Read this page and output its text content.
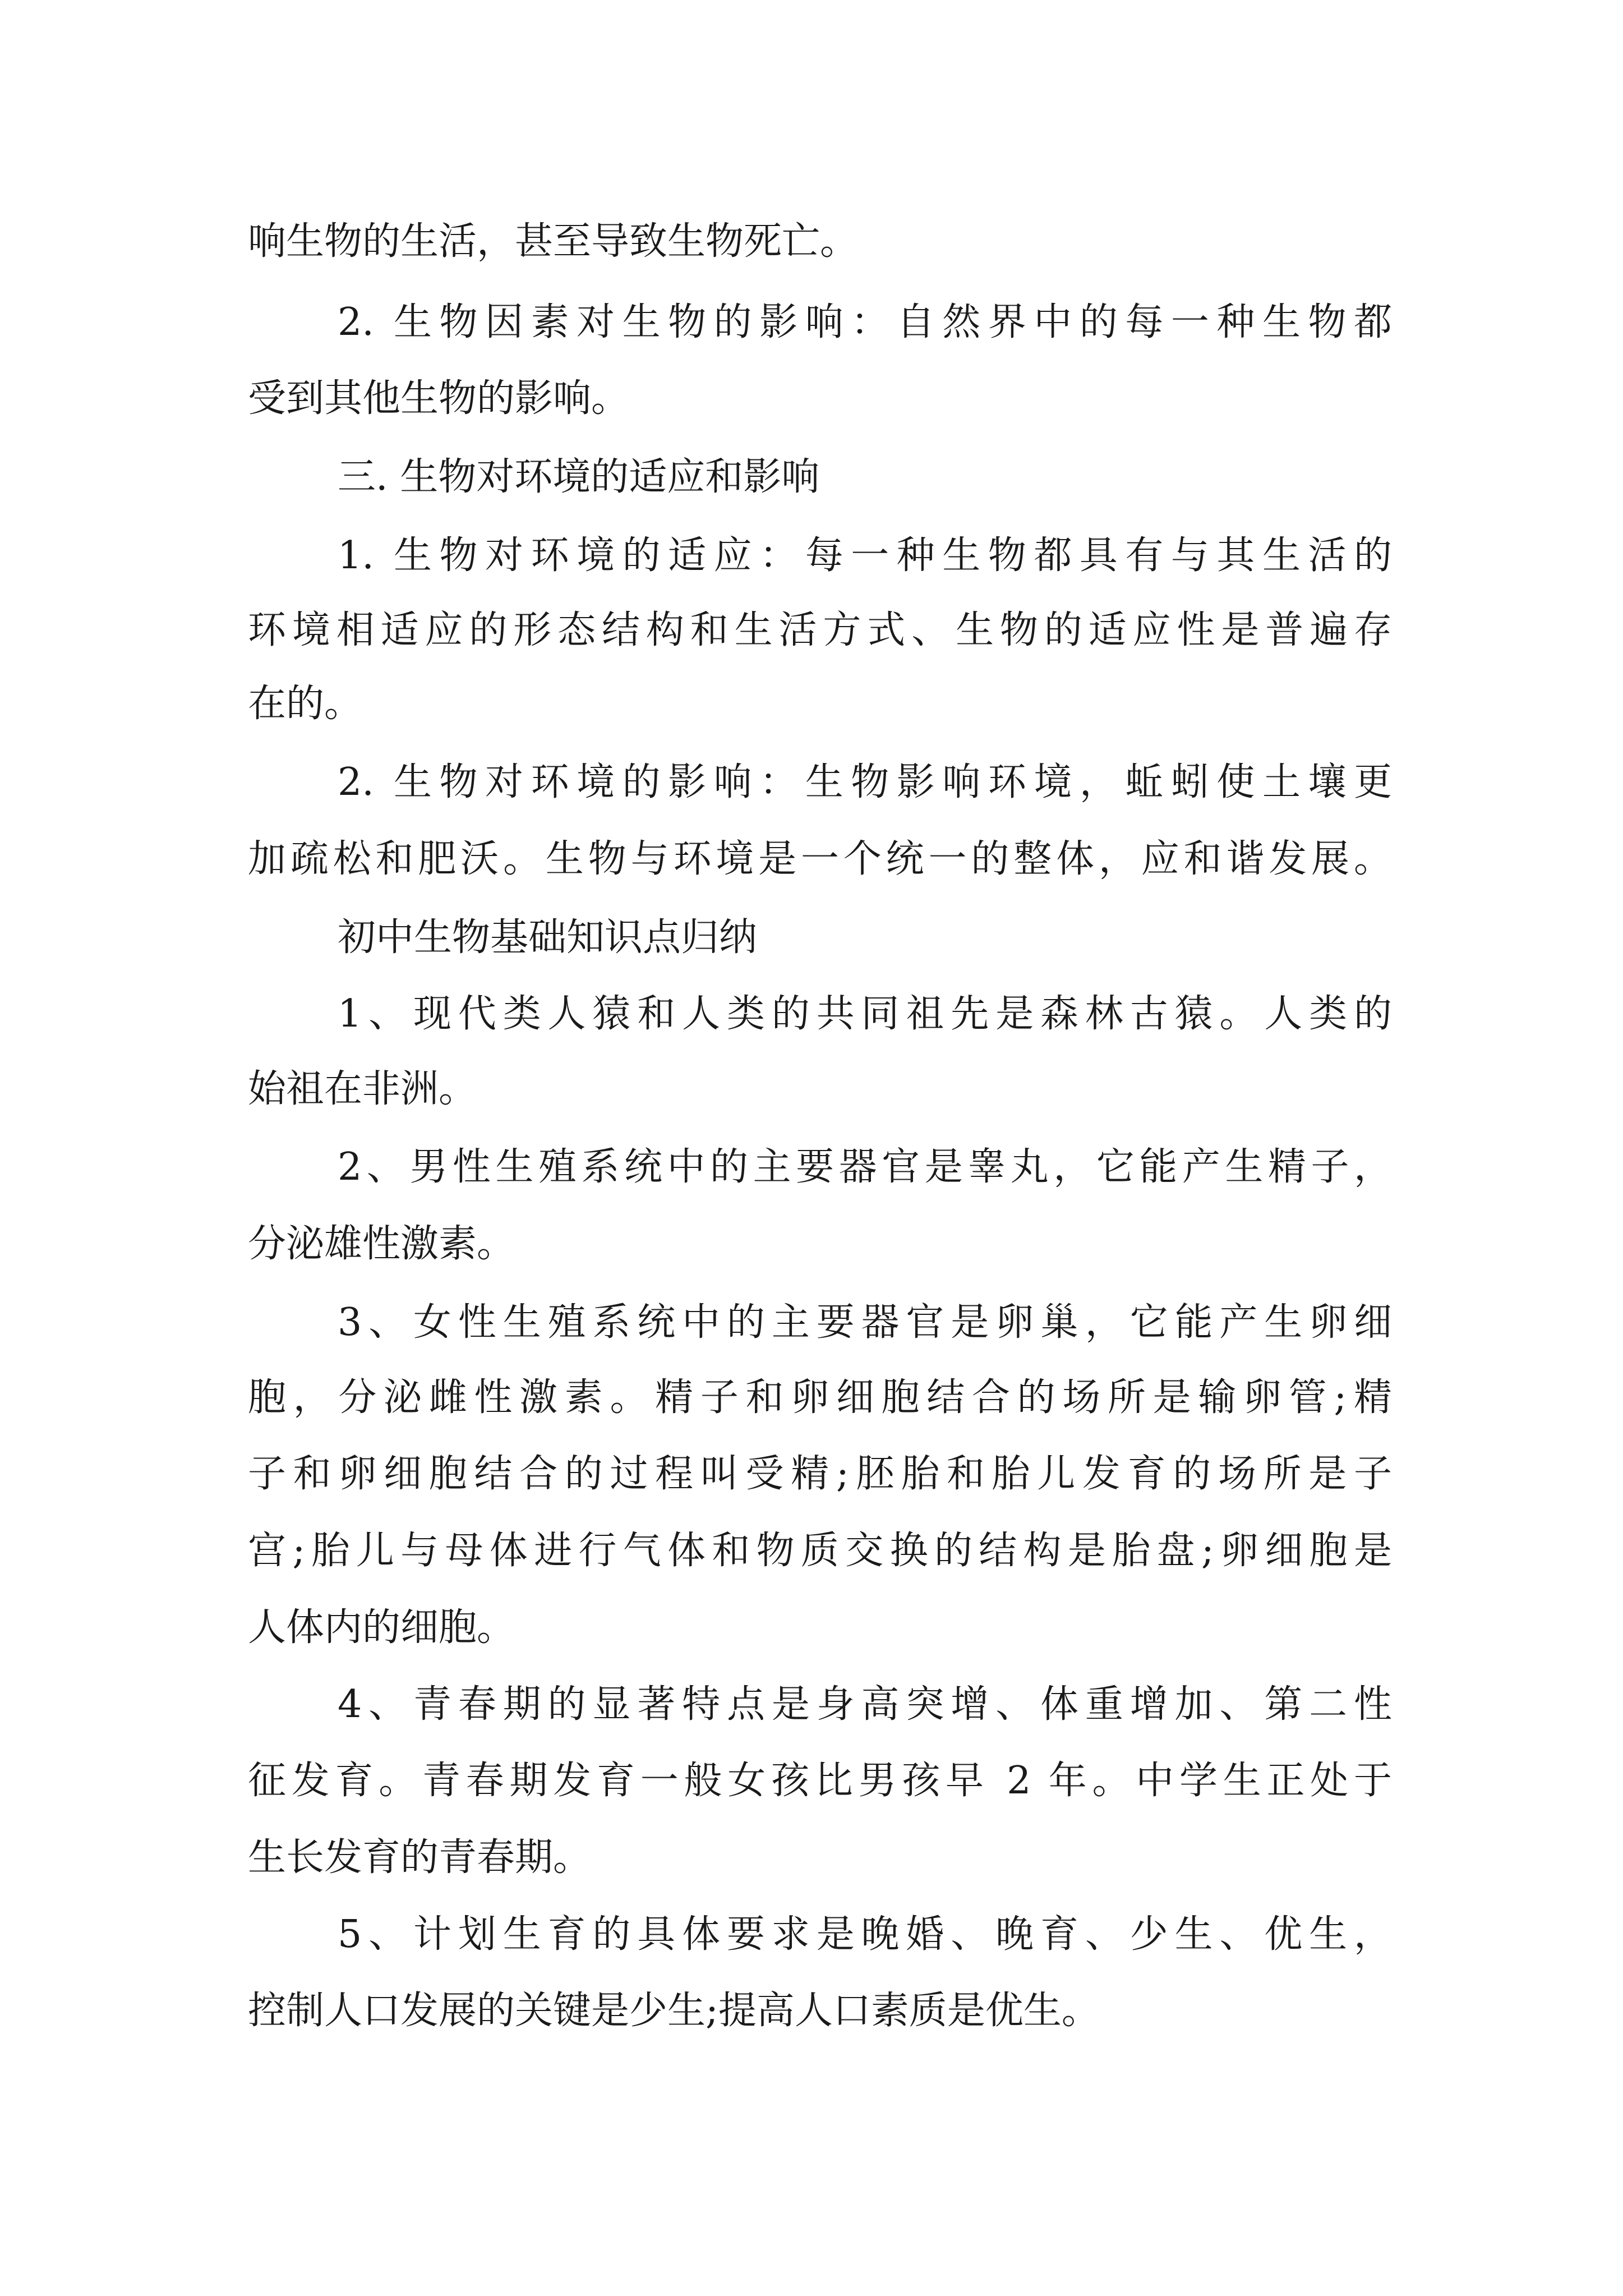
响生物的生活，甚至导致生物死亡。
2. 生物因素对生物的影响：自然界中的每一种生物都
受到其他生物的影响。
三. 生物对环境的适应和影响
1. 生物对环境的适应：每一种生物都具有与其生活的
环境相适应的形态结构和生活方式、生物的适应性是普遍存
在的。
2. 生物对环境的影响：生物影响环境，蚯蚓使土壤更
加疏松和肥沃。生物与环境是一个统一的整体，应和谐发展。
初中生物基础知识点归纳
1、现代类人猿和人类的共同祖先是森林古猿。人类的
始祖在非洲。
2、男性生殖系统中的主要器官是睾丸，它能产生精子，
分泌雄性激素。
3、女性生殖系统中的主要器官是卵巢，它能产生卵细
胞，分泌雌性激素。精子和卵细胞结合的场所是输卵管;精
子和卵细胞结合的过程叫受精;胚胎和胎儿发育的场所是子
宫;胎儿与母体进行气体和物质交换的结构是胎盘;卵细胞是
人体内的细胞。
4、青春期的显著特点是身高突增、体重增加、第二性
征发育。青春期发育一般女孩比男孩早 2 年。中学生正处于
生长发育的青春期。
5、计划生育的具体要求是晚婚、晚育、少生、优生，
控制人口发展的关键是少生;提高人口素质是优生。
